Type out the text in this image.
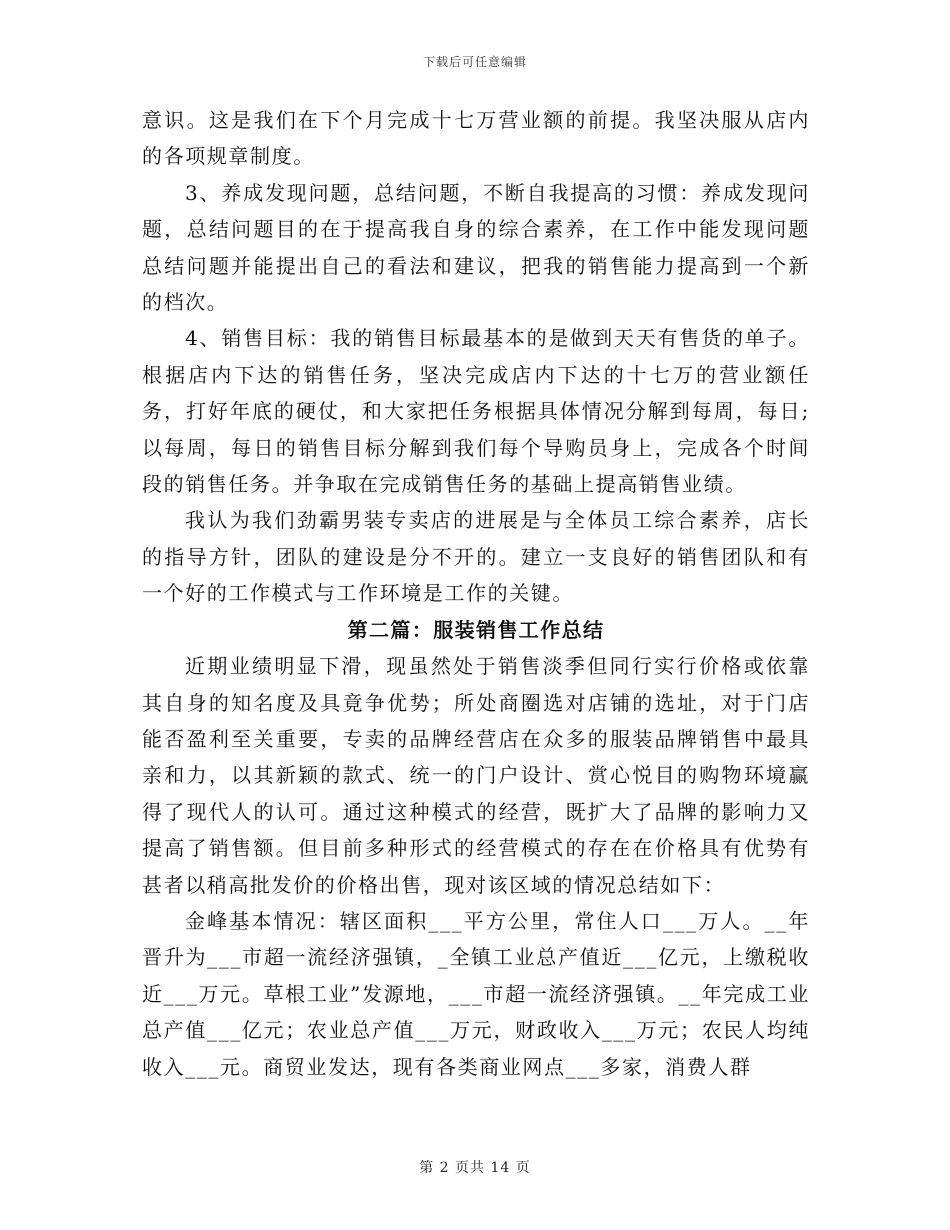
下载后可任意编辑

意识。这是我们在下个月完成十七万营业额的前提。我坚决服从店内的各项规章制度。

3、养成发现问题，总结问题，不断自我提高的习惯：养成发现问题，总结问题目的在于提高我自身的综合素养，在工作中能发现问题总结问题并能提出自己的看法和建议，把我的销售能力提高到一个新的档次。

4、销售目标：我的销售目标最基本的是做到天天有售货的单子。根据店内下达的销售任务，坚决完成店内下达的十七万的营业额任务，打好年底的硬仗，和大家把任务根据具体情况分解到每周，每日;以每周，每日的销售目标分解到我们每个导购员身上，完成各个时间段的销售任务。并争取在完成销售任务的基础上提高销售业绩。

我认为我们劲霸男装专卖店的进展是与全体员工综合素养，店长的指导方针，团队的建设是分不开的。建立一支良好的销售团队和有一个好的工作模式与工作环境是工作的关键。

第二篇：服装销售工作总结

近期业绩明显下滑，现虽然处于销售淡季但同行实行价格或依靠其自身的知名度及具竟争优势；所处商圈选对店铺的选址，对于门店能否盈利至关重要，专卖的品牌经营店在众多的服装品牌销售中最具亲和力，以其新颖的款式、统一的门户设计、赏心悦目的购物环境赢得了现代人的认可。通过这种模式的经营，既扩大了品牌的影响力又提高了销售额。但目前多种形式的经营模式的存在在价格具有优势有甚者以稍高批发价的价格出售，现对该区域的情况总结如下：

金峰基本情况：辖区面积___平方公里，常住人口___万人。__年晋升为___市超一流经济强镇，_全镇工业总产值近___亿元，上缴税收近___万元。草根工业”发源地，___市超一流经济强镇。__年完成工业总产值___亿元；农业总产值___万元，财政收入___万元；农民人均纯收入___元。商贸业发达，现有各类商业网点___多家，消费人群

第 2 页共 14 页
